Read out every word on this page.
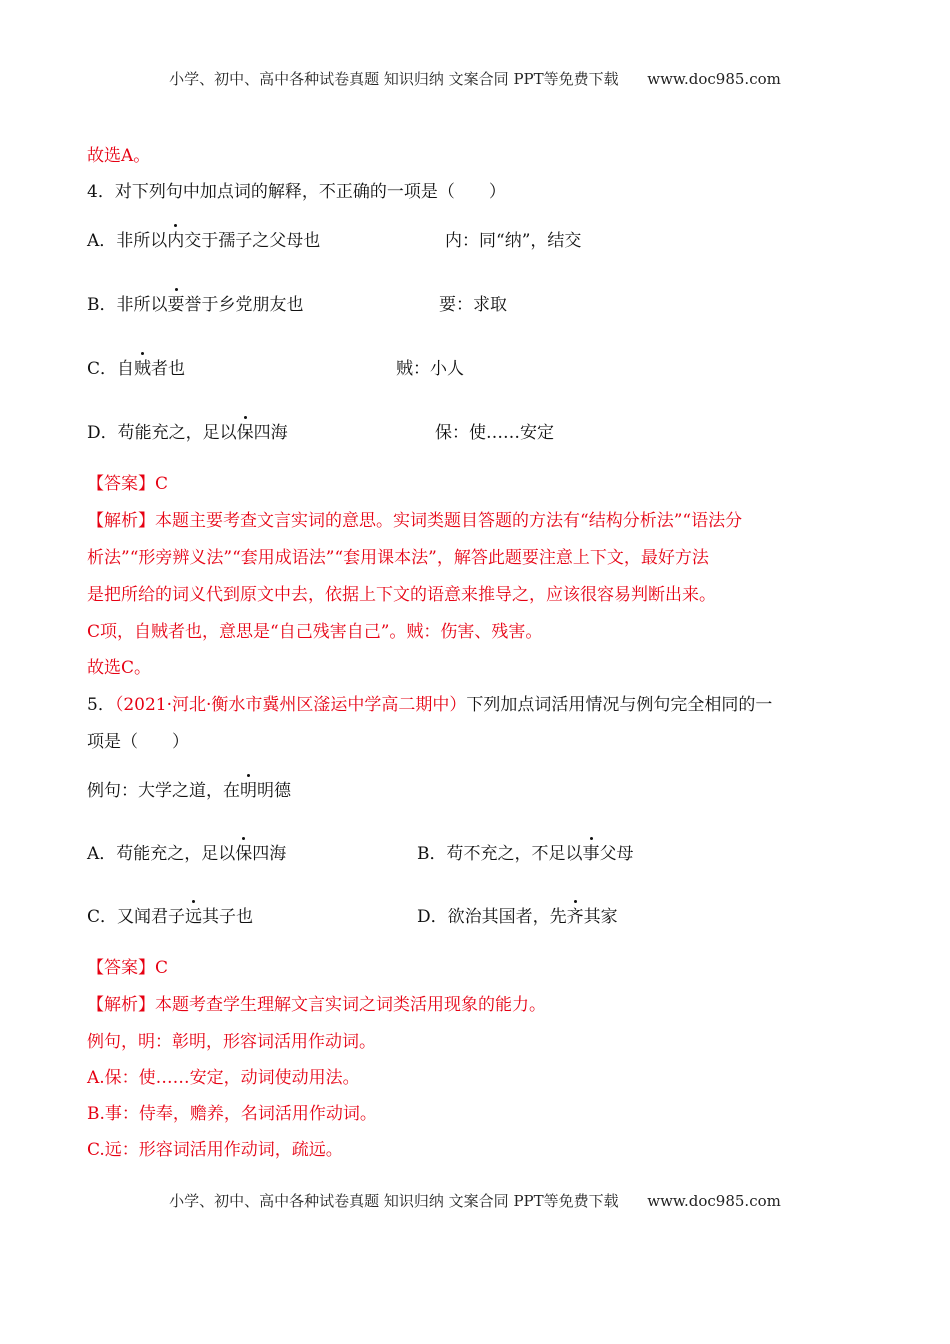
小学、初中、高中各种试卷真题 知识归纳 文案合同 PPT等免费下载 www.doc985.com
故选A。
4．对下列句中加点词的解释，不正确的一项是（　　）
A．非所以内交于孺子之父母也	内：同“纳”，结交
B．非所以要誉于乡党朋友也	要：求取
C．自贼者也	贼：小人
D．苟能充之，足以保四海	保：使……安定
【答案】C
【解析】本题主要考查文言实词的意思。实词类题目答题的方法有“结构分析法”“语法分
析法”“形旁辨义法”“套用成语法”“套用课本法”，解答此题要注意上下文，最好方法
是把所给的词义代到原文中去，依据上下文的语意来推导之，应该很容易判断出来。
C项，自贼者也，意思是“自己残害自己”。贼：伤害、残害。
故选C。
5．（2021·河北·衡水市冀州区滏运中学高二期中）下列加点词活用情况与例句完全相同的一
项是（　　）
例句：大学之道，在明明德
A．苟能充之，足以保四海	B．苟不充之，不足以事父母
C．又闻君子远其子也	D．欲治其国者，先齐其家
【答案】C
【解析】本题考查学生理解文言实词之词类活用现象的能力。
例句，明：彰明，形容词活用作动词。
A.保：使……安定，动词使动用法。
B.事：侍奉，赡养，名词活用作动词。
C.远：形容词活用作动词，疏远。
小学、初中、高中各种试卷真题 知识归纳 文案合同 PPT等免费下载 www.doc985.com
